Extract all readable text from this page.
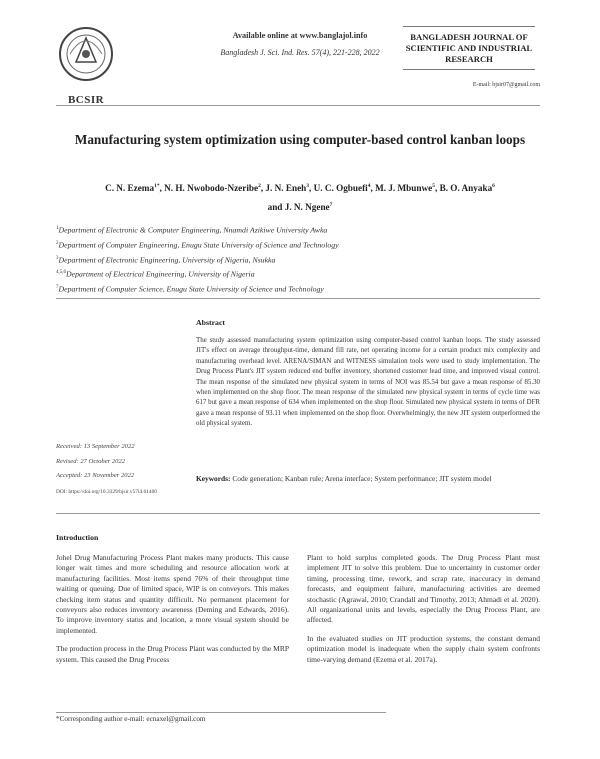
BCSIR
Available online at www.banglajol.info
Bangladesh J. Sci. Ind. Res. 57(4), 221-228, 2022
BANGLADESH JOURNAL OF SCIENTIFIC AND INDUSTRIAL RESEARCH
E-mail: bjsir07@gmail.com
Manufacturing system optimization using computer-based control kanban loops
C. N. Ezema$^{1*}$, N. H. Nwobodo-Nzeribe$^2$, J. N. Eneh$^3$, U. C. Ogbuefi$^4$, M. J. Mbunwe$^5$, B. O. Anyaka$^6$
and J. N. Ngene$^7$
$^1$Department of Electronic & Computer Engineering, Nnamdi Azikiwe University Awka
$^2$Department of Computer Engineering, Enugu State University of Science and Technology
$^3$Department of Electronic Engineering, University of Nigeria, Nsukka
$^{4,5,6}$Department of Electrical Engineering, University of Nigeria
$^7$Department of Computer Science, Enugu State University of Science and Technology
Abstract
The study assessed manufacturing system optimization using computer-based control kanban loops. The study assessed JIT's effect on average throughput-time, demand fill rate, net operating income for a certain product mix complexity and manufacturing overhead level. ARENA/SIMAN and WITNESS simulation tools were used to study implementation. The Drug Process Plant's JIT system reduced end buffer inventory, shortened customer lead time, and improved visual control. The mean response of the simulated new physical system in terms of NOI was 85.54 but gave a mean response of 85.30 when implemented on the shop floor. The mean response of the simulated new physical system in terms of cycle time was 617 but gave a mean response of 634 when implemented on the shop floor. Simulated new physical system in terms of DFR gave a mean response of 93.11 when implemented on the shop floor. Overwhelmingly, the new JIT system outperformed the old physical system.
Received: 13 September 2022
Revised: 27 October 2022
Accepted: 23 November 2022
DOI: https://doi.org/10.3329/bjsir.v57i4.61400
Keywords: Code generation; Kanban rule; Arena interface; System performance; JIT system model
Introduction

Johel Drug Manufacturing Process Plant makes many products. This cause longer wait times and more scheduling and resource allocation work at manufacturing facilities. Most items spend 76% of their throughput time waiting or queuing. Due of limited space, WIP is on conveyors. This makes checking item status and quantity difficult. No permanent placement for conveyors also reduces inventory awareness (Deming and Edwards, 2016). To improve inventory status and location, a more visual system should be implemented.

The production process in the Drug Process Plant was conducted by the MRP system. This caused the Drug Process

Plant to hold surplus completed goods. The Drug Process Plant must implement JIT to solve this problem. Due to uncertainty in customer order timing, processing time, rework, and scrap rate, inaccuracy in demand forecasts, and equipment failure, manufacturing activities are deemed stochastic (Agrawal, 2010; Crandall and Timothy, 2013; Ahmadi et al. 2020). All organizational units and levels, especially the Drug Process Plant, are affected.

In the evaluated studies on JIT production systems, the constant demand optimization model is inadequate when the supply chain system confronts time-varying demand (Ezema et al. 2017a).

*Corresponding author e-mail: ecnaxel@gmail.com
